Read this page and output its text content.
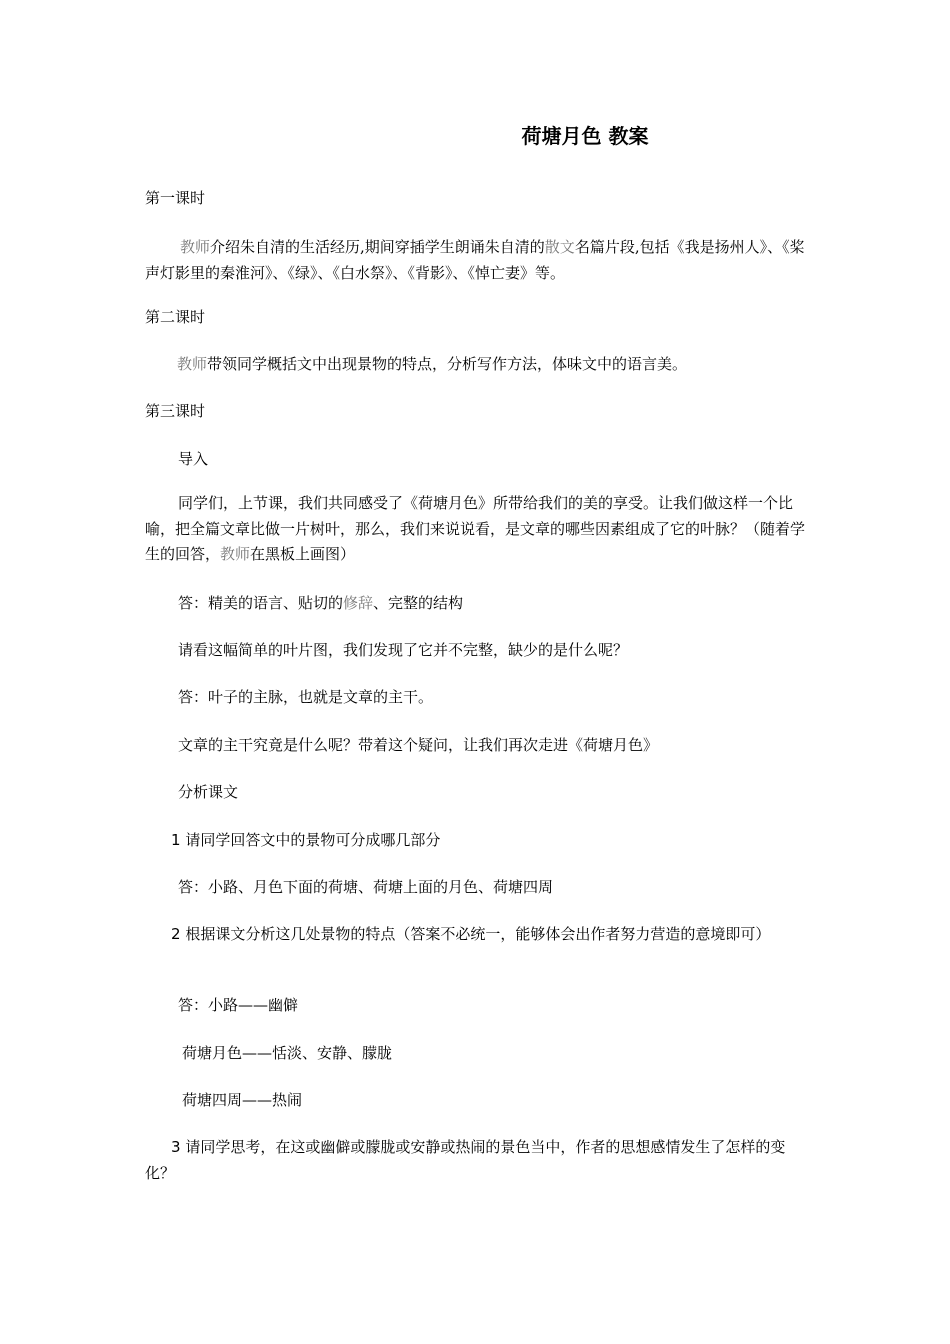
荷塘月色 教案
第一课时
教师介绍朱自清的生活经历,期间穿插学生朗诵朱自清的散文名篇片段,包括《我是扬州人》、《桨声灯影里的秦淮河》、《绿》、《白水祭》、《背影》、《悼亡妻》等。
第二课时
教师带领同学概括文中出现景物的特点，分析写作方法，体味文中的语言美。
第三课时
导入
同学们，上节课，我们共同感受了《荷塘月色》所带给我们的美的享受。让我们做这样一个比喻，把全篇文章比做一片树叶，那么，我们来说说看，是文章的哪些因素组成了它的叶脉？（随着学生的回答，教师在黑板上画图）
答：精美的语言、贴切的修辞、完整的结构
请看这幅简单的叶片图，我们发现了它并不完整，缺少的是什么呢？
答：叶子的主脉，也就是文章的主干。
文章的主干究竟是什么呢？带着这个疑问，让我们再次走进《荷塘月色》
分析课文
1 请同学回答文中的景物可分成哪几部分
答：小路、月色下面的荷塘、荷塘上面的月色、荷塘四周
2 根据课文分析这几处景物的特点（答案不必统一，能够体会出作者努力营造的意境即可）
答：小路——幽僻
荷塘月色——恬淡、安静、朦胧
荷塘四周——热闹
3 请同学思考，在这或幽僻或朦胧或安静或热闹的景色当中，作者的思想感情发生了怎样的变化？
